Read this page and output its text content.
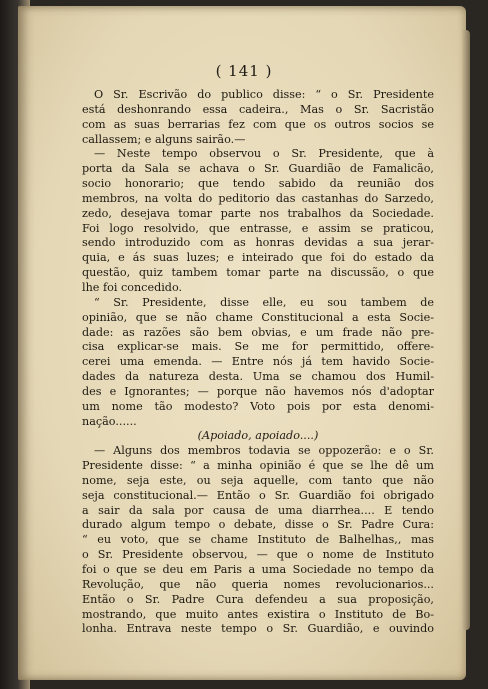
( 141 )
O Sr. Escrivão do publico disse: “ o Sr. Presidente
está deshonrando essa cadeira., Mas o Sr. Sacristão
com as suas berrarias fez com que os outros socios se
callassem; e alguns sairão.—
— Neste tempo observou o Sr. Presidente, que à
porta da Sala se achava o Sr. Guardião de Famalicão,
socio honorario; que tendo sabido da reunião dos
membros, na volta do peditorio das castanhas do Sarzedo,
zedo, desejava tomar parte nos trabalhos da Sociedade.
Foi logo resolvido, que entrasse, e assim se praticou,
sendo introduzido com as honras devidas a sua jerar-
quia, e ás suas luzes; e inteirado que foi do estado da
questão, quiz tambem tomar parte na discussão, o que
lhe foi concedido.
“ Sr. Presidente, disse elle, eu sou tambem de
opinião, que se não chame Constitucional a esta Socie-
dade: as razões são bem obvias, e um frade não pre-
cisa explicar-se mais. Se me for permittido, offere-
cerei uma emenda. — Entre nós já tem havido Socie-
dades da natureza desta. Uma se chamou dos Humil-
des e Ignorantes; — porque não havemos nós d'adoptar
um nome tão modesto? Voto pois por esta denomi-
nação......
(Apoiado, apoiado....)
— Alguns dos membros todavia se oppozerão: e o Sr.
Presidente disse: “ a minha opinião é que se lhe dê um
nome, seja este, ou seja aquelle, com tanto que não
seja constitucional.— Então o Sr. Guardião foi obrigado
a sair da sala por causa de uma diarrhea.... E tendo
durado algum tempo o debate, disse o Sr. Padre Cura:
“ eu voto, que se chame Instituto de Balhelhas,, mas
o Sr. Presidente observou, — que o nome de Instituto
foi o que se deu em Paris a uma Sociedade no tempo da
Revolução, que não queria nomes revolucionarios...
Então o Sr. Padre Cura defendeu a sua proposição,
mostrando, que muito antes existira o Instituto de Bo-
lonha. Entrava neste tempo o Sr. Guardião, e ouvindo
